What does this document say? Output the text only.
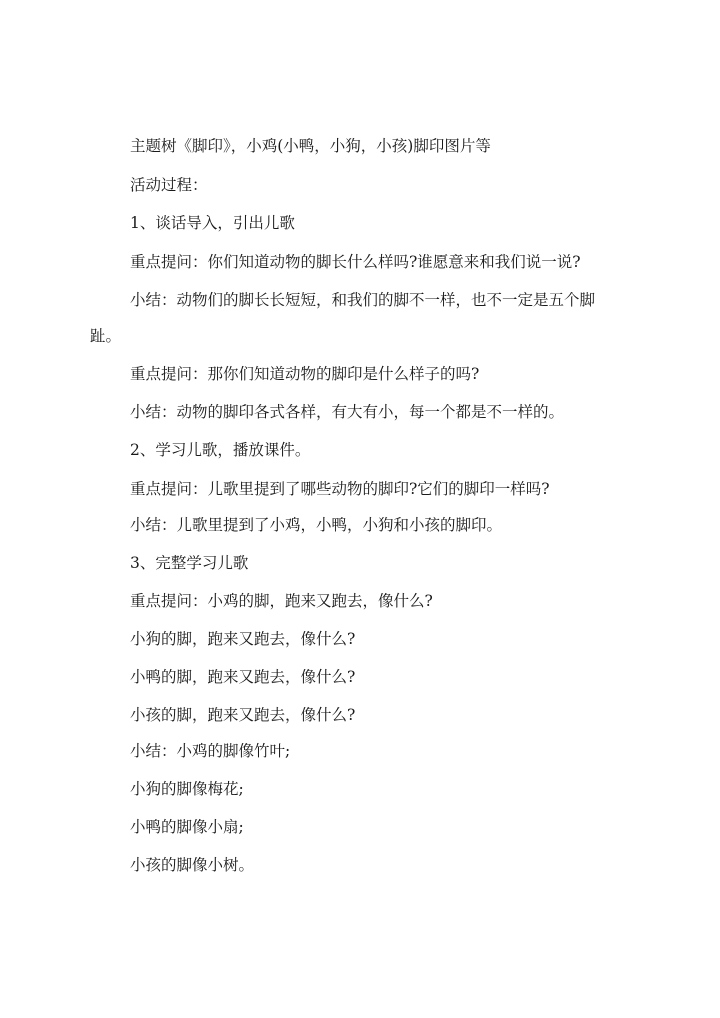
主题树《脚印》，小鸡(小鸭，小狗，小孩)脚印图片等

活动过程：

1、谈话导入，引出儿歌

重点提问：你们知道动物的脚长什么样吗?谁愿意来和我们说一说?

小结：动物们的脚长长短短，和我们的脚不一样，也不一定是五个脚

趾。

重点提问：那你们知道动物的脚印是什么样子的吗?

小结：动物的脚印各式各样，有大有小，每一个都是不一样的。

2、学习儿歌，播放课件。

重点提问：儿歌里提到了哪些动物的脚印?它们的脚印一样吗?

小结：儿歌里提到了小鸡，小鸭，小狗和小孩的脚印。

3、完整学习儿歌

重点提问：小鸡的脚，跑来又跑去，像什么?

小狗的脚，跑来又跑去，像什么?

小鸭的脚，跑来又跑去，像什么?

小孩的脚，跑来又跑去，像什么?

小结：小鸡的脚像竹叶;

小狗的脚像梅花;

小鸭的脚像小扇;

小孩的脚像小树。
